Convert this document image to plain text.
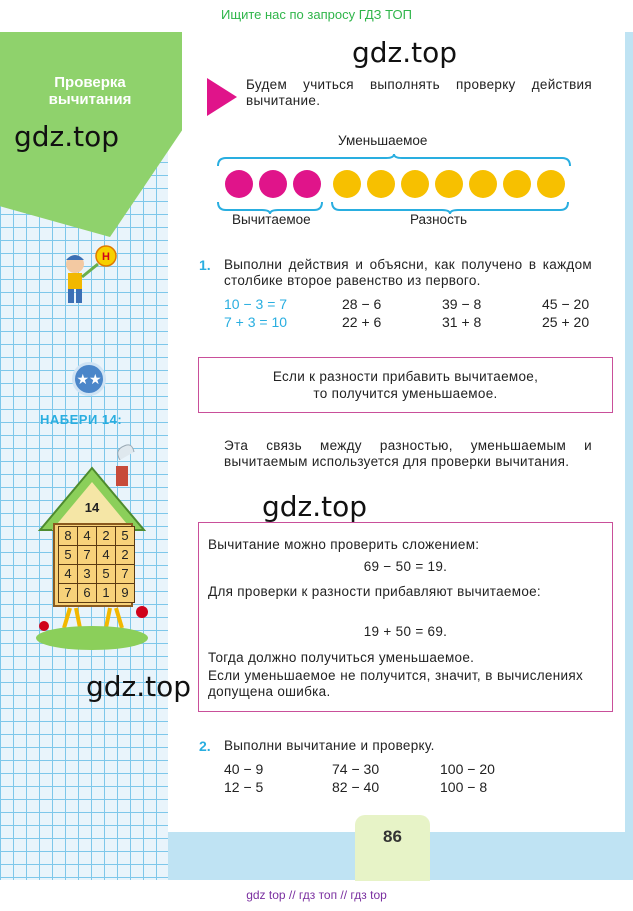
Ищите нас по запросу ГДЗ ТОП
Проверка вычитания
gdz.top
gdz.top
gdz.top
gdz.top
Будем учиться выполнять проверку действия вычитание.
Уменьшаемое
Вычитаемое	Разность
1. Выполни действия и объясни, как получено в каждом столбике второе равенство из первого.
10 − 3 = 7	28 − 6	39 − 8	45 − 20
7 + 3 = 10	22 + 6	31 + 8	25 + 20
Если к разности прибавить вычитаемое,
то получится уменьшаемое.
Эта связь между разностью, уменьшаемым и вычитаемым используется для проверки вычитания.
Вычитание можно проверить сложением:
69 − 50 = 19.
Для проверки к разности прибавляют вычитаемое:
19 + 50 = 69.
Тогда должно получиться уменьшаемое.
Если уменьшаемое не получится, значит, в вычислениях допущена ошибка.
2. Выполни вычитание и проверку.
40 − 9	74 − 30	100 − 20
12 − 5	82 − 40	100 − 8
86
Н
★★
НАБЕРИ 14:
14
8 4 2 5
5 7 4 2
4 3 5 7
7 6 1 9
gdz top // гдз топ // гдз top
